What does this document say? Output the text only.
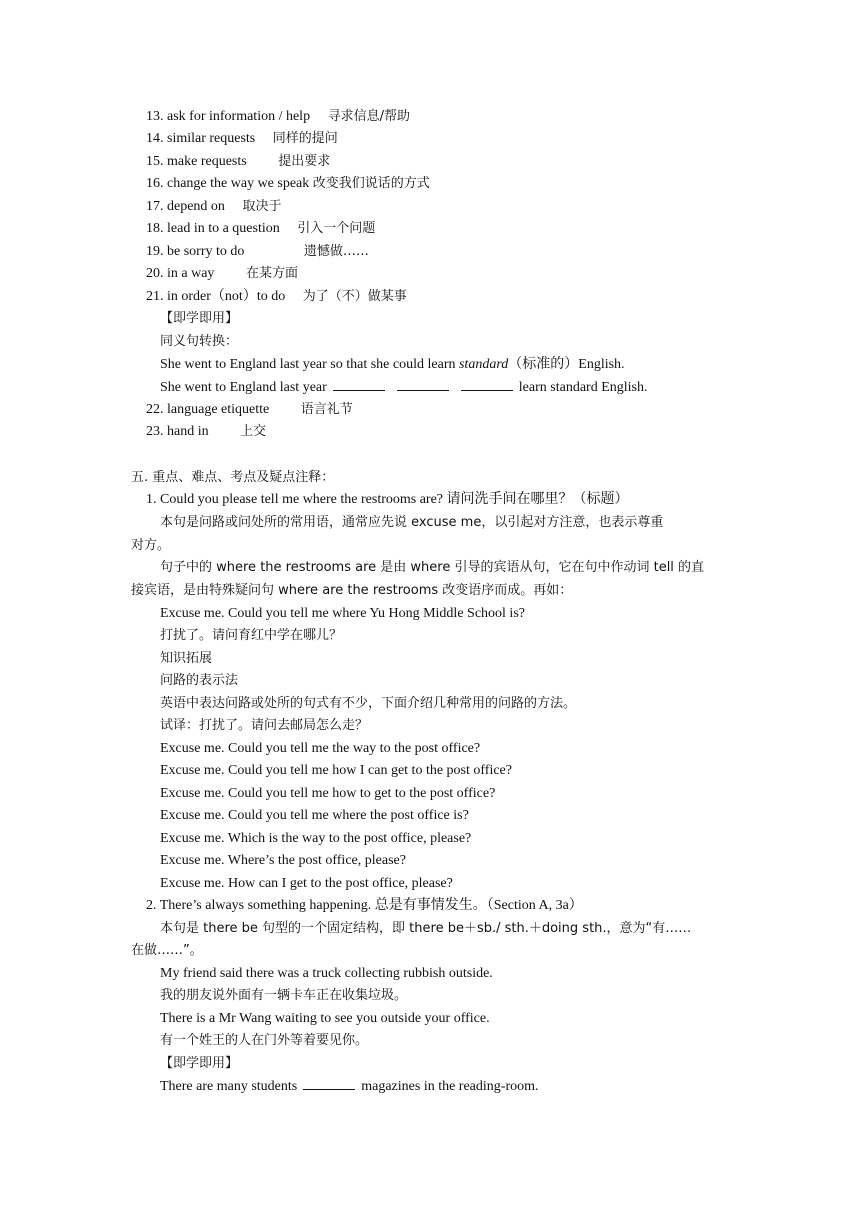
13. ask for information / help 寻求信息/帮助
14. similar requests 同样的提问
15. make requests 提出要求
16. change the way we speak 改变我们说话的方式
17. depend on 取决于
18. lead in to a question 引入一个问题
19. be sorry to do	遗憾做……
20. in a way 在某方面
21. in order（not）to do 为了（不）做某事
【即学即用】
同义句转换：
She went to England last year so that she could learn standard（标准的）English.
She went to England last year	learn standard English.
22. language etiquette 语言礼节
23. hand in 上交
五. 重点、难点、考点及疑点注释：
1. Could you please tell me where the restrooms are? 请问洗手间在哪里？（标题）
本句是问路或问处所的常用语，通常应先说 excuse me，以引起对方注意，也表示尊重
对方。
句子中的 where the restrooms are 是由 where 引导的宾语从句，它在句中作动词 tell 的直
接宾语，是由特殊疑问句 where are the restrooms 改变语序而成。再如：
Excuse me. Could you tell me where Yu Hong Middle School is?
打扰了。请问育红中学在哪儿？
知识拓展
问路的表示法
英语中表达问路或处所的句式有不少，下面介绍几种常用的问路的方法。
试译：打扰了。请问去邮局怎么走？
Excuse me. Could you tell me the way to the post office?
Excuse me. Could you tell me how I can get to the post office?
Excuse me. Could you tell me how to get to the post office?
Excuse me. Could you tell me where the post office is?
Excuse me. Which is the way to the post office, please?
Excuse me. Where’s the post office, please?
Excuse me. How can I get to the post office, please?
2. There’s always something happening. 总是有事情发生。（Section A, 3a）
本句是 there be 句型的一个固定结构，即 there be＋sb./ sth.＋doing sth.，意为“有……
在做……”。
My friend said there was a truck collecting rubbish outside.
我的朋友说外面有一辆卡车正在收集垃圾。
There is a Mr Wang waiting to see you outside your office.
有一个姓王的人在门外等着要见你。
【即学即用】
There are many students	magazines in the reading-room.
